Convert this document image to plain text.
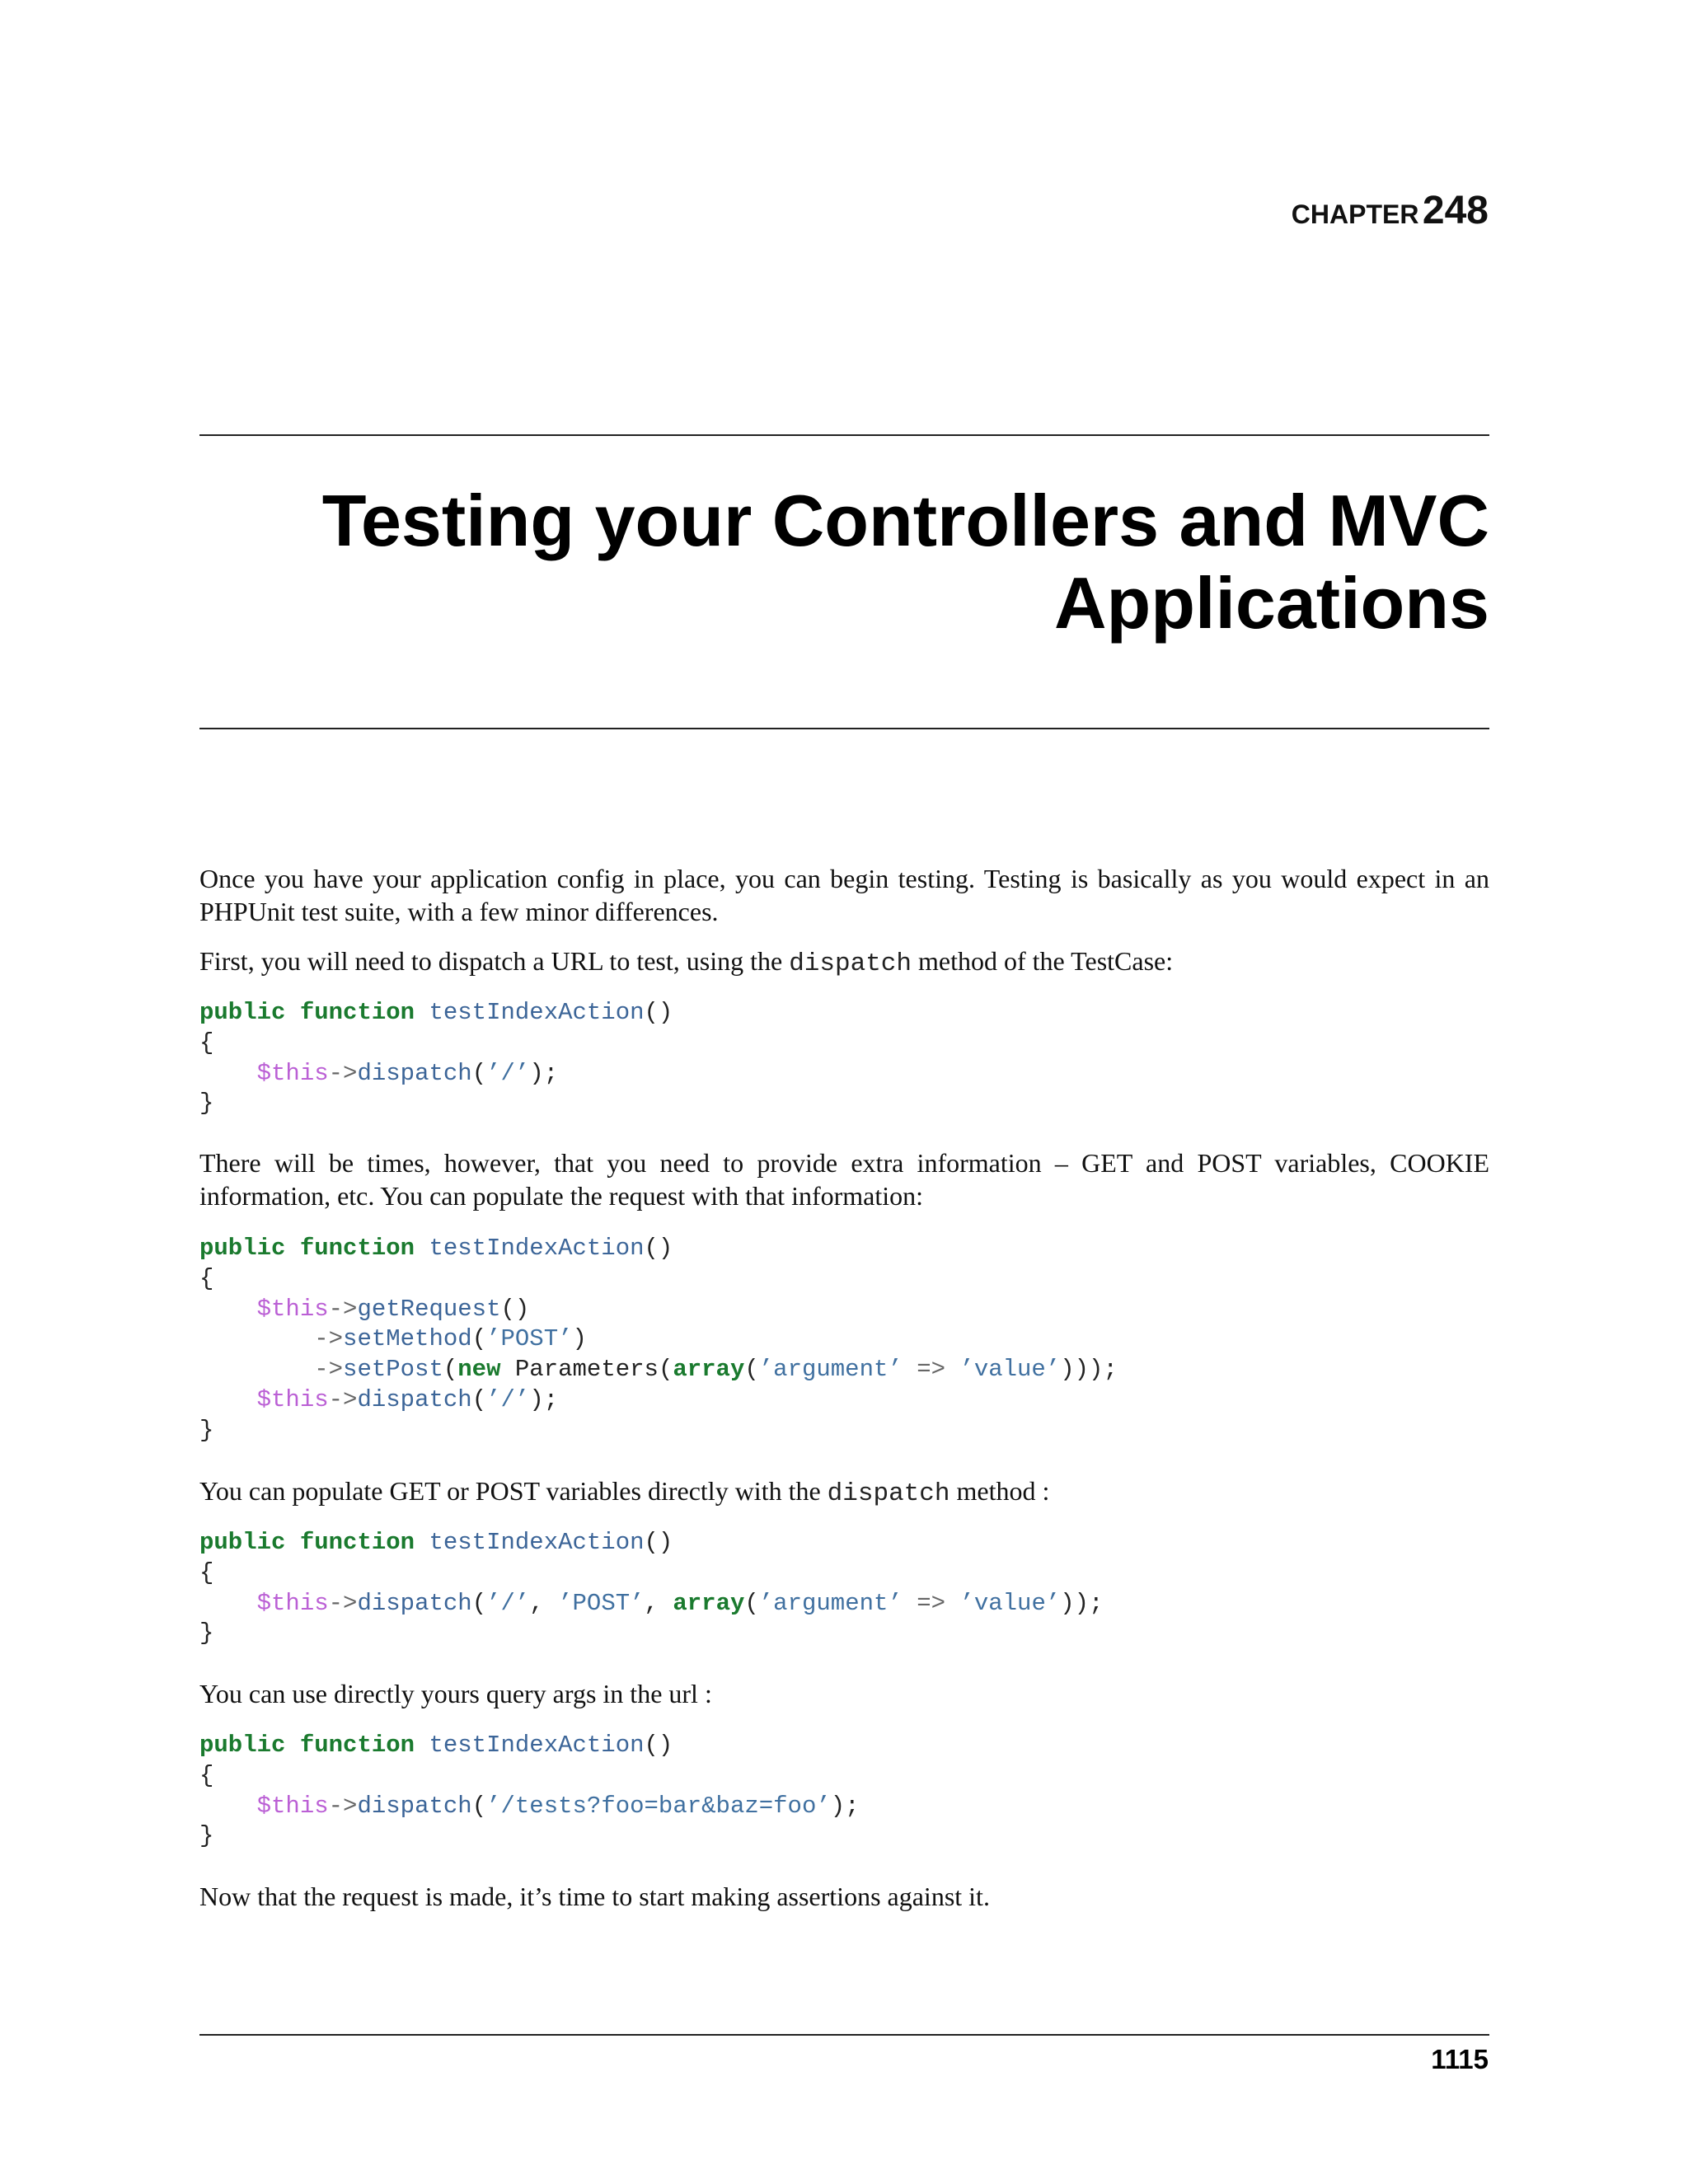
CHAPTER 248
Testing your Controllers and MVC
Applications

Once you have your application config in place, you can begin testing. Testing is basically as you would expect in an PHPUnit test suite, with a few minor differences.

First, you will need to dispatch a URL to test, using the dispatch method of the TestCase:

public function testIndexAction()
{
$this->dispatch(’/’);
}

There will be times, however, that you need to provide extra information – GET and POST variables, COOKIE information, etc. You can populate the request with that information:

public function testIndexAction()
{
$this->getRequest()
->setMethod(’POST’)
->setPost(new Parameters(array(’argument’ => ’value’)));
$this->dispatch(’/’);
}

You can populate GET or POST variables directly with the dispatch method :

public function testIndexAction()
{
$this->dispatch(’/’, ’POST’, array(’argument’ => ’value’));
}

You can use directly yours query args in the url :

public function testIndexAction()
{
$this->dispatch(’/tests?foo=bar&baz=foo’);
}

Now that the request is made, it’s time to start making assertions against it.

1115
